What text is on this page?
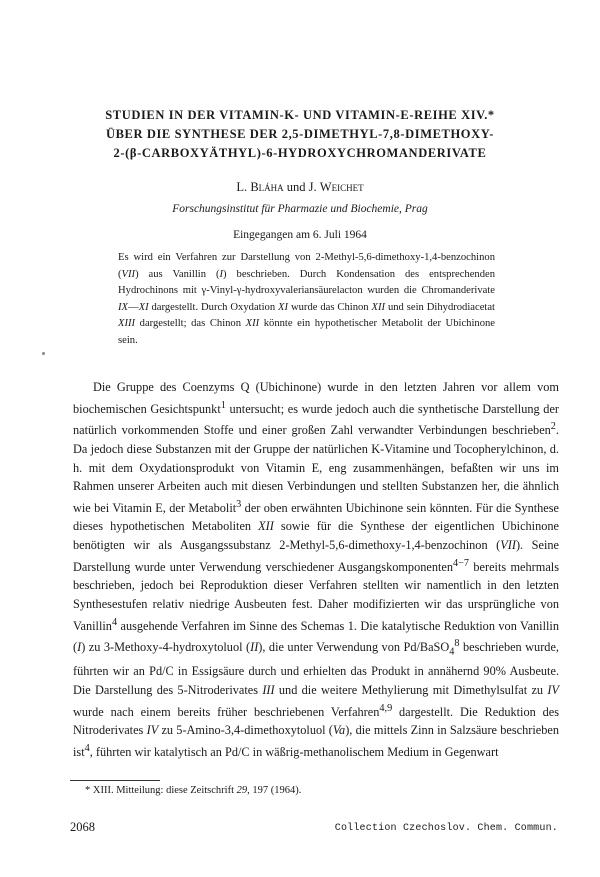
STUDIEN IN DER VITAMIN-K- UND VITAMIN-E-REIHE XIV.*
ÜBER DIE SYNTHESE DER 2,5-DIMETHYL-7,8-DIMETHOXY-
2-(β-CARBOXYÄTHYL)-6-HYDROXYCHROMANDERIVATE
L. Bláha und J. Weichet
Forschungsinstitut für Pharmazie und Biochemie, Prag
Eingegangen am 6. Juli 1964
Es wird ein Verfahren zur Darstellung von 2-Methyl-5,6-dimethoxy-1,4-benzochinon (VII) aus Vanillin (I) beschrieben. Durch Kondensation des entsprechenden Hydrochinons mit γ-Vinyl-γ-hydroxyvaleriansäurelacton wurden die Chromanderivate IX—XI dargestellt. Durch Oxydation XI wurde das Chinon XII und sein Dihydrodiacetat XIII dargestellt; das Chinon XII könnte ein hypothetischer Metabolit der Ubichinone sein.
Die Gruppe des Coenzyms Q (Ubichinone) wurde in den letzten Jahren vor allem vom biochemischen Gesichtspunkt$^1$ untersucht; es wurde jedoch auch die synthetische Darstellung der natürlich vorkommenden Stoffe und einer großen Zahl verwandter Verbindungen beschrieben$^2$. Da jedoch diese Substanzen mit der Gruppe der natürlichen K-Vitamine und Tocopherylchinon, d. h. mit dem Oxydationsprodukt von Vitamin E, eng zusammenhängen, befaßten wir uns im Rahmen unserer Arbeiten auch mit diesen Verbindungen und stellten Substanzen her, die ähnlich wie bei Vitamin E, der Metabolit$^3$ der oben erwähnten Ubichinone sein könnten. Für die Synthese dieses hypothetischen Metaboliten XII sowie für die Synthese der eigentlichen Ubichinone benötigten wir als Ausgangssubstanz 2-Methyl-5,6-dimethoxy-1,4-benzochinon (VII). Seine Darstellung wurde unter Verwendung verschiedener Ausgangskomponenten$^{4-7}$ bereits mehrmals beschrieben, jedoch bei Reproduktion dieser Verfahren stellten wir namentlich in den letzten Synthesestufen relativ niedrige Ausbeuten fest. Daher modifizierten wir das ursprüngliche von Vanillin$^4$ ausgehende Verfahren im Sinne des Schemas 1. Die katalytische Reduktion von Vanillin (I) zu 3-Methoxy-4-hydroxytoluol (II), die unter Verwendung von Pd/BaSO$_4^8$ beschrieben wurde, führten wir an Pd/C in Essigsäure durch und erhielten das Produkt in annähernd 90% Ausbeute. Die Darstellung des 5-Nitroderivates III und die weitere Methylierung mit Dimethylsulfat zu IV wurde nach einem bereits früher beschriebenen Verfahren$^{4,9}$ dargestellt. Die Reduktion des Nitroderivates IV zu 5-Amino-3,4-dimethoxytoluol (Va), die mittels Zinn in Salzsäure beschrieben ist$^4$, führten wir katalytisch an Pd/C in wäßrig-methanolischem Medium in Gegenwart
* XIII. Mitteilung: diese Zeitschrift 29, 197 (1964).
2068	Collection Czechoslov. Chem. Commun.
